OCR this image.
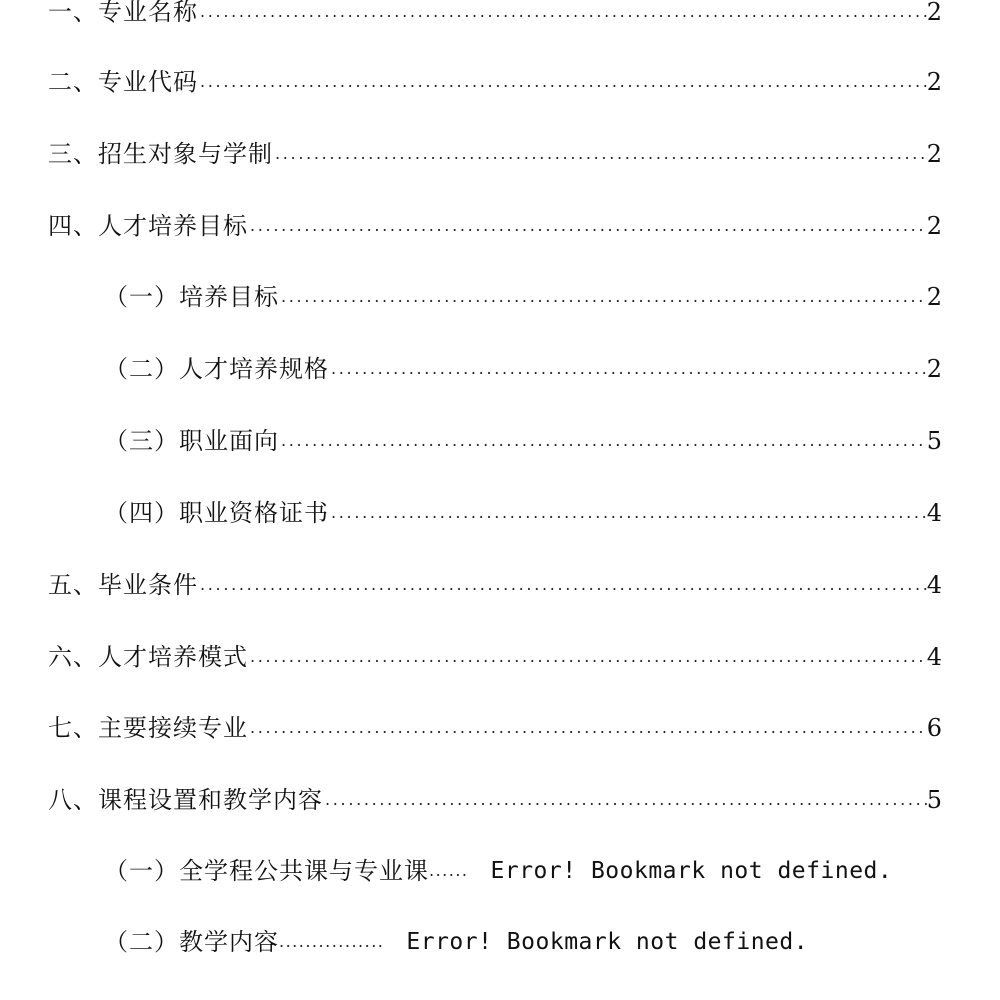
一、专业名称 . . .	2
二、专业代码 . . .	2
三、招生对象与学制 . . .	2
四、人才培养目标 . . .	2
（一）培养目标 . . .	2
（二）人才培养规格 . . .	2
（三）职业面向 . . .	5
（四）职业资格证书 . . .	4
五、毕业条件 . . .	4
六、人才培养模式 . . .	4
七、主要接续专业 . . .	6
八、课程设置和教学内容 . . .	5
（一）全学程公共课与专业课 ...... Error! Bookmark not defined.
（二）教学内容 ................ Error! Bookmark not defined.
